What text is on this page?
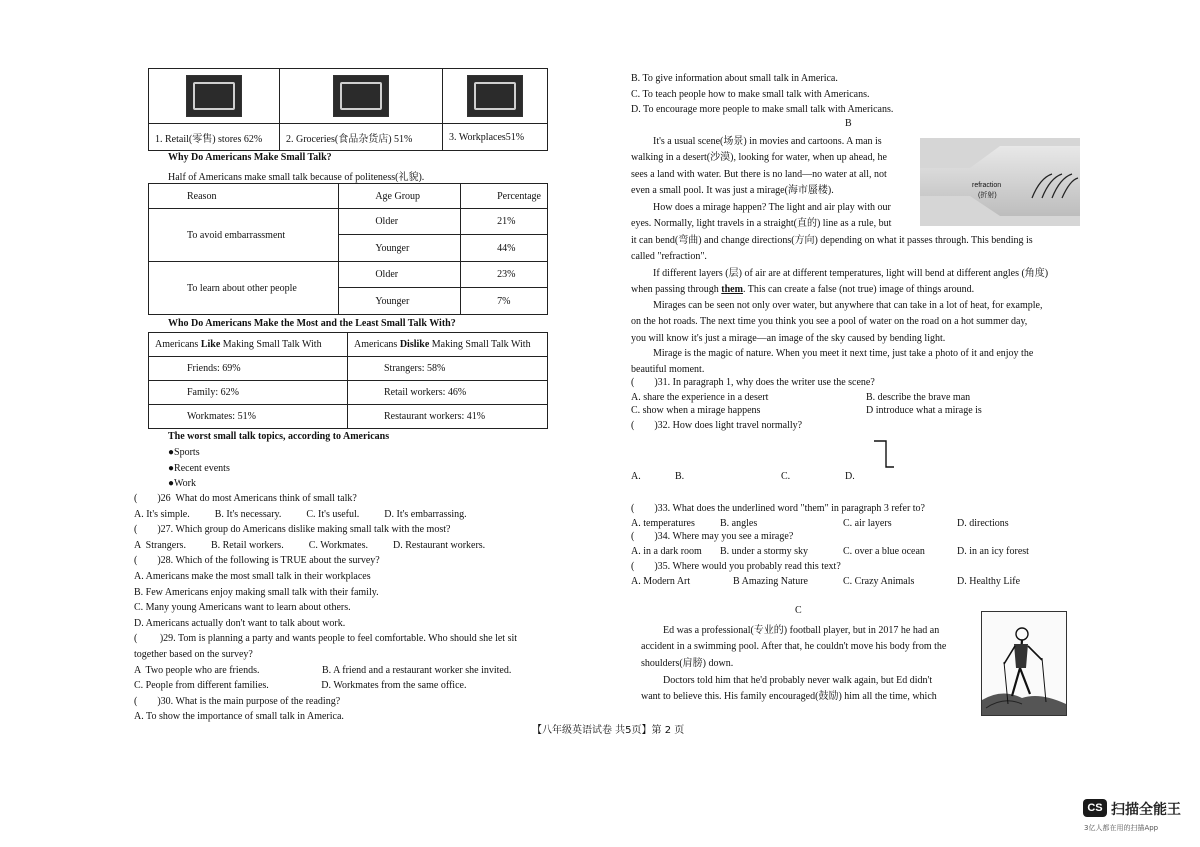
1. Retail(零售) stores 62%	2. Groceries(食品杂货店) 51%	3. Workplaces51%
Why Do Americans Make Small Talk?
Half of Americans make small talk because of politeness(礼貌).
Reason	Age Group	Percentage
To avoid embarrassment	Older	21%
	Younger	44%
To learn about other people	Older	23%
	Younger	7%
Who Do Americans Make the Most and the Least Small Talk With?
Americans Like Making Small Talk With	Americans Dislike Making Small Talk With
Friends: 69%	Strangers: 58%
Family: 62%	Retail workers: 46%
Workmates: 51%	Restaurant workers: 41%
The worst small talk topics, according to Americans
●Sports
●Recent events
●Work
(        )26  What do most Americans think of small talk?
A. It's simple.          B. It's necessary.          C. It's useful.          D. It's embarrassing.
(        )27. Which group do Americans dislike making small talk with the most?
A  Strangers.          B. Retail workers.          C. Workmates.          D. Restaurant workers.
(        )28. Which of the following is TRUE about the survey?
A. Americans make the most small talk in their workplaces
B. Few Americans enjoy making small talk with their family.
C. Many young Americans want to learn about others.
D. Americans actually don't want to talk about work.
(         )29. Tom is planning a party and wants people to feel comfortable. Who should she let sit
together based on the survey?
A  Two people who are friends.                         B. A friend and a restaurant worker she invited.
C. People from different families.                     D. Workmates from the same office.
(        )30. What is the main purpose of the reading?
A. To show the importance of small talk in America.
B. To give information about small talk in America.
C. To teach people how to make small talk with Americans.
D. To encourage more people to make small talk with Americans.
B
It's a usual scene(场景) in movies and cartoons. A man is
walking in a desert(沙漠), looking for water, when up ahead, he
sees a land with water. But there is no land—no water at all, not
even a small pool. It was just a mirage(海市蜃楼).	refraction
(折射)
How does a mirage happen? The light and air play with our
eyes. Normally, light travels in a straight(直的) line as a rule, but
it can bend(弯曲) and change directions(方向) depending on what it passes through. This bending is
called "refraction".
If different layers (层) of air are at different temperatures, light will bend at different angles (角度)
when passing through them. This can create a false (not true) image of things around.
Mirages can be seen not only over water, but anywhere that can take in a lot of heat, for example,
on the hot roads. The next time you think you see a pool of water on the road on a hot summer day,
you will know it's just a mirage—an image of the sky caused by bending light.
Mirage is the magic of nature. When you meet it next time, just take a photo of it and enjoy the
beautiful moment.
(        )31. In paragraph 1, why does the writer use the scene?
A. share the experience in a desert	B. describe the brave man
C. show when a mirage happens	D introduce what a mirage is
(        )32. How does light travel normally?
A.	B.	C.	D.
(        )33. What does the underlined word "them" in paragraph 3 refer to?
A. temperatures	B. angles	C. air layers	D. directions
(        )34. Where may you see a mirage?
A. in a dark room B. under a stormy sky	C. over a blue ocean	D. in an icy forest
(        )35. Where would you probably read this text?
A. Modern Art	B Amazing Nature	C. Crazy Animals	D. Healthy Life
C
Ed was a professional(专业的) football player, but in 2017 he had an
accident in a swimming pool. After that, he couldn't move his body from the
shoulders(肩膀) down.
Doctors told him that he'd probably never walk again, but Ed didn't
want to believe this. His family encouraged(鼓励) him all the time, which
【八年级英语试卷 共5页】第 2 页
CS 扫描全能王
3亿人都在用的扫描App
